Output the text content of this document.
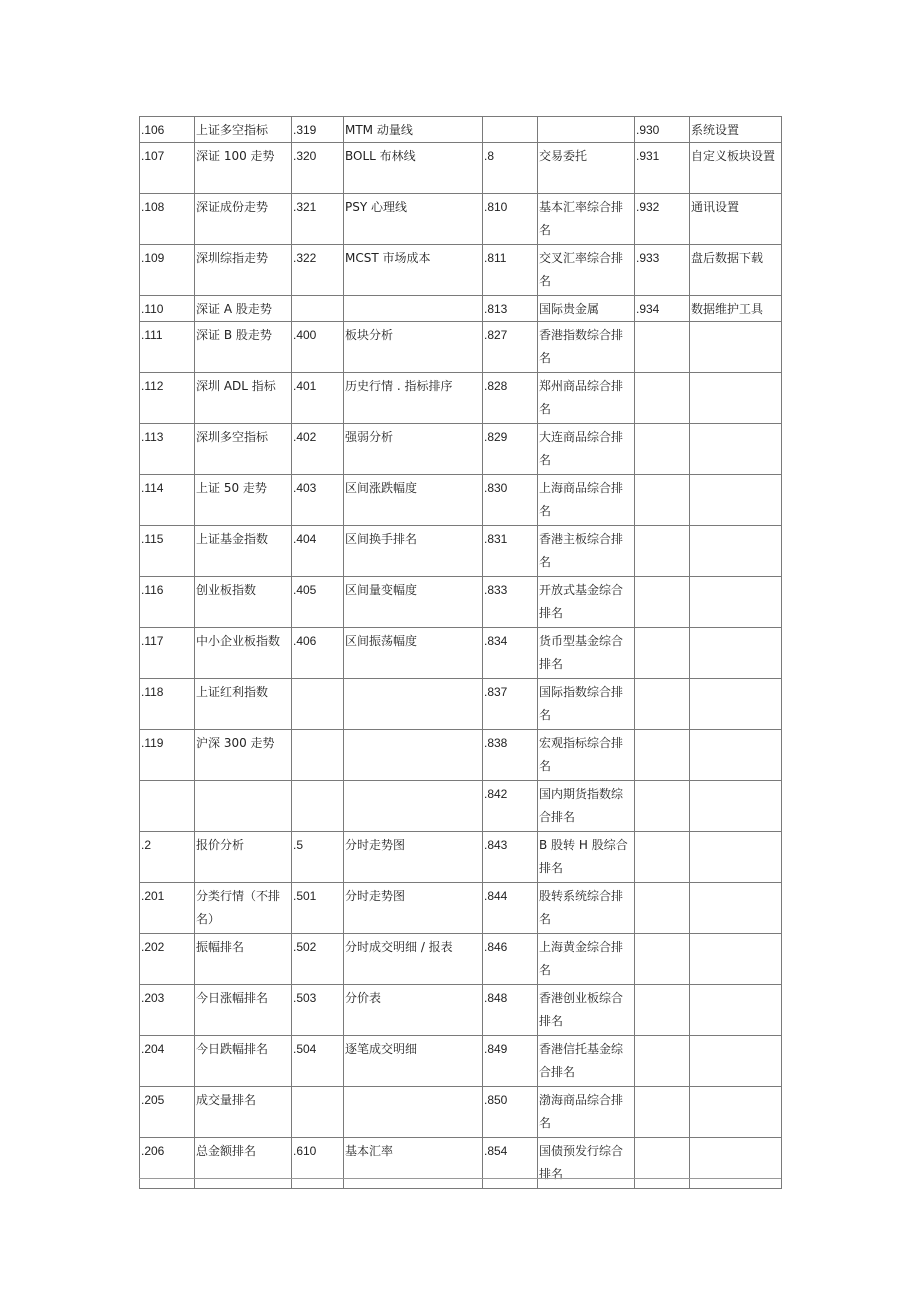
.106	上证多空指标	.319	MTM 动量线			.930	系统设置
.107	深证 100 走势	.320	BOLL 布林线	.8	交易委托	.931	自定义板块设置
.108	深证成份走势	.321	PSY 心理线	.810	基本汇率综合排名	.932	通讯设置
.109	深圳综指走势	.322	MCST 市场成本	.811	交叉汇率综合排名	.933	盘后数据下载
.110	深证 A 股走势			.813	国际贵金属	.934	数据维护工具
.111	深证 B 股走势	.400	板块分析	.827	香港指数综合排名		
.112	深圳 ADL 指标	.401	历史行情 . 指标排序	.828	郑州商品综合排名		
.113	深圳多空指标	.402	强弱分析	.829	大连商品综合排名		
.114	上证 50 走势	.403	区间涨跌幅度	.830	上海商品综合排名		
.115	上证基金指数	.404	区间换手排名	.831	香港主板综合排名		
.116	创业板指数	.405	区间量变幅度	.833	开放式基金综合排名		
.117	中小企业板指数	.406	区间振荡幅度	.834	货币型基金综合排名		
.118	上证红利指数			.837	国际指数综合排名		
.119	沪深 300 走势			.838	宏观指标综合排名		
				.842	国内期货指数综合排名		
.2	报价分析	.5	分时走势图	.843	B 股转 H 股综合排名		
.201	分类行情（不排名）	.501	分时走势图	.844	股转系统综合排名		
.202	振幅排名	.502	分时成交明细 / 报表	.846	上海黄金综合排名		
.203	今日涨幅排名	.503	分价表	.848	香港创业板综合排名		
.204	今日跌幅排名	.504	逐笔成交明细	.849	香港信托基金综合排名		
.205	成交量排名			.850	渤海商品综合排名		
.206	总金额排名	.610	基本汇率	.854	国债预发行综合排名		
